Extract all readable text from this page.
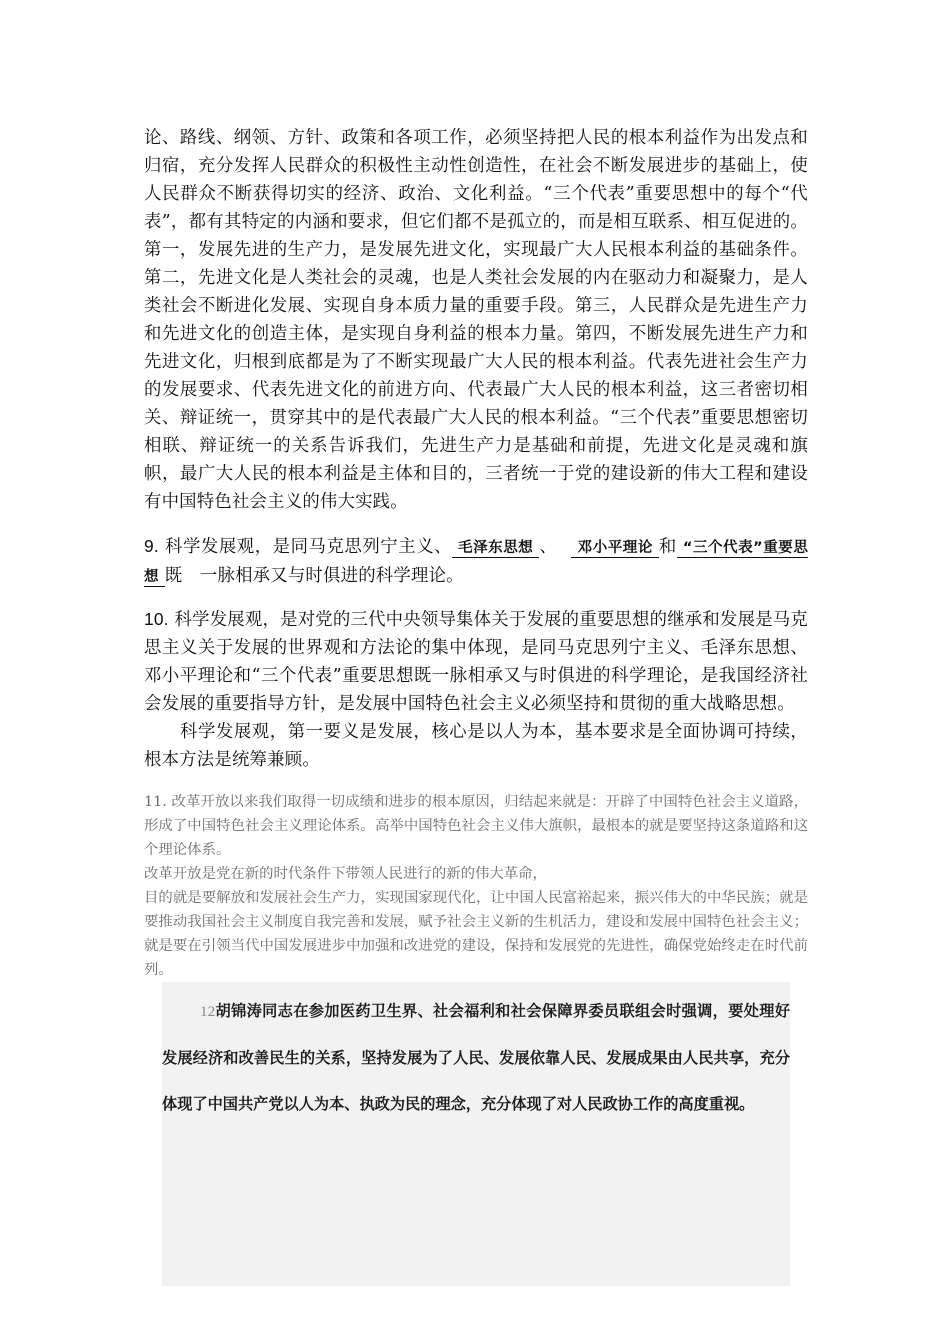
论、路线、纲领、方针、政策和各项工作，必须坚持把人民的根本利益作为出发点和归宿，充分发挥人民群众的积极性主动性创造性，在社会不断发展进步的基础上，使人民群众不断获得切实的经济、政治、文化利益。“三个代表”重要思想中的每个“代表”，都有其特定的内涵和要求，但它们都不是孤立的，而是相互联系、相互促进的。第一，发展先进的生产力，是发展先进文化，实现最广大人民根本利益的基础条件。第二，先进文化是人类社会的灵魂，也是人类社会发展的内在驱动力和凝聚力，是人类社会不断进化发展、实现自身本质力量的重要手段。第三，人民群众是先进生产力和先进文化的创造主体，是实现自身利益的根本力量。第四，不断发展先进生产力和先进文化，归根到底都是为了不断实现最广大人民的根本利益。代表先进社会生产力的发展要求、代表先进文化的前进方向、代表最广大人民的根本利益，这三者密切相关、辩证统一，贯穿其中的是代表最广大人民的根本利益。“三个代表”重要思想密切相联、辩证统一的关系告诉我们，先进生产力是基础和前提，先进文化是灵魂和旗帜，最广大人民的根本利益是主体和目的，三者统一于党的建设新的伟大工程和建设有中国特色社会主义的伟大实践。

9. 科学发展观，是同马克思列宁主义、 毛泽东思想 、 邓小平理论 和 “三个代表”重要思想 既　一脉相承又与时俱进的科学理论。

10. 科学发展观，是对党的三代中央领导集体关于发展的重要思想的继承和发展是马克思主义关于发展的世界观和方法论的集中体现，是同马克思列宁主义、毛泽东思想、邓小平理论和“三个代表”重要思想既一脉相承又与时俱进的科学理论，是我国经济社会发展的重要指导方针，是发展中国特色社会主义必须坚持和贯彻的重大战略思想。

科学发展观，第一要义是发展，核心是以人为本，基本要求是全面协调可持续，根本方法是统筹兼顾。

11. 改革开放以来我们取得一切成绩和进步的根本原因，归结起来就是：开辟了中国特色社会主义道路，形成了中国特色社会主义理论体系。高举中国特色社会主义伟大旗帜，最根本的就是要坚持这条道路和这个理论体系。

改革开放是党在新的时代条件下带领人民进行的新的伟大革命，

目的就是要解放和发展社会生产力，实现国家现代化，让中国人民富裕起来，振兴伟大的中华民族；就是要推动我国社会主义制度自我完善和发展，赋予社会主义新的生机活力，建设和发展中国特色社会主义；就是要在引领当代中国发展进步中加强和改进党的建设，保持和发展党的先进性，确保党始终走在时代前列。

12胡锦涛同志在参加医药卫生界、社会福利和社会保障界委员联组会时强调，要处理好发展经济和改善民生的关系，坚持发展为了人民、发展依靠人民、发展成果由人民共享，充分体现了中国共产党以人为本、执政为民的理念，充分体现了对人民政协工作的高度重视。
